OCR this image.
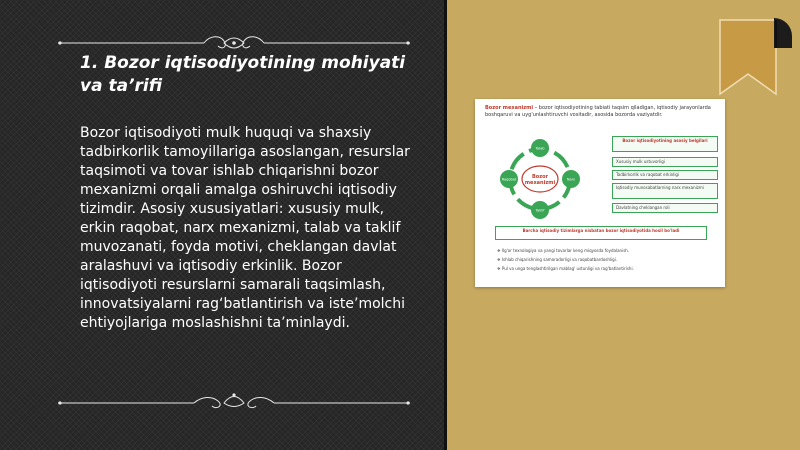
1. Bozor iqtisodiyotining mohiyati va ta’rifi

Bozor iqtisodiyoti mulk huquqi va shaxsiy tadbirkorlik tamoyillariga asoslangan, resurslar taqsimoti va tovar ishlab chiqarishni bozor mexanizmi orqali amalga oshiruvchi iqtisodiy tizimdir. Asosiy xususiyatlari: xususiy mulk, erkin raqobat, narx mexanizmi, talab va taklif muvozanati, foyda motivi, cheklangan davlat aralashuvi va iqtisodiy erkinlik. Bozor iqtisodiyoti resurslarni samarali taqsimlash, innovatsiyalarni rag‘batlantirish va iste’molchi ehtiyojlariga moslashishni ta’minlaydi.

Bozor mexanizmi – bozor iqtisodiyotining tabiati taqsim qiladigan, iqtisodiy jarayonlarda boshqaruvi va uyg'unlashtiruvchi vositadir, asosida bozorda vaziyatdir.
Bozor mexanizmi
Talab
Narx
Taklif
Raqobat
Bozor iqtisodiyotining asosiy belgilari
Xususiy mulk ustuvorligi
Tadbirkorlik va raqobat erkinligi
Iqtisodiy munosabatlarning narx mexanizmi
Davlatning cheklangan roli
Barcha iqtisodiy tizimlarga nisbatan bozor iqtisodiyotida hosil bo'ladi
❖ Ilg'or texnologiya va yangi tovarlar keng miqyosda foydalanish.
❖ Ishlab chiqarishning samaradorligi va raqobatbardoshligi.
❖ Pul va unga tenglashtirilgan mablag' ustunligi va rag'batlantirishi.
